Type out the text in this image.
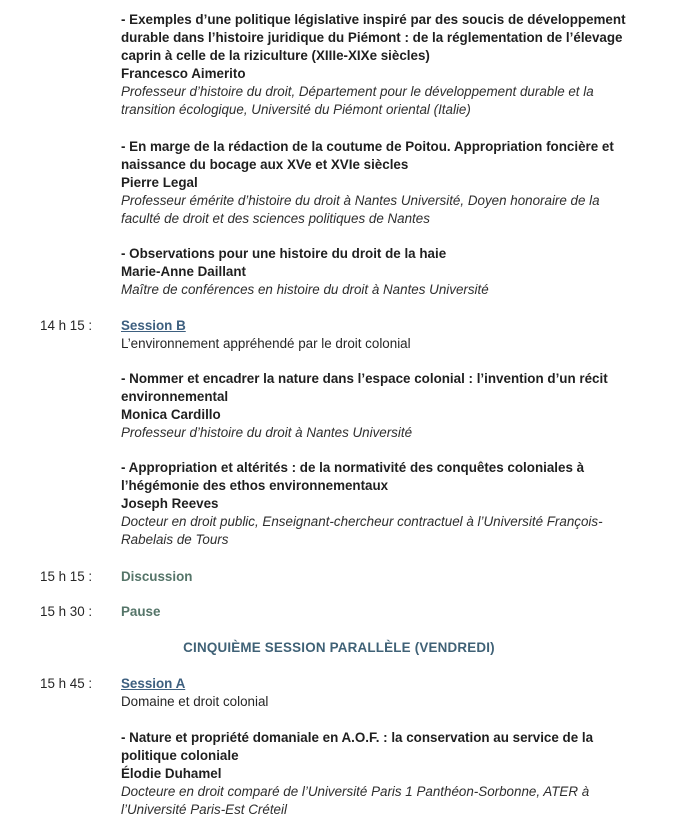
- Exemples d’une politique législative inspiré par des soucis de développement durable dans l’histoire juridique du Piémont : de la réglementation de l’élevage caprin à celle de la riziculture (XIIIe-XIXe siècles)
Francesco Aimerito
Professeur d’histoire du droit, Département pour le développement durable et la transition écologique, Université du Piémont oriental (Italie)
- En marge de la rédaction de la coutume de Poitou. Appropriation foncière et naissance du bocage aux XVe et XVIe siècles
Pierre Legal
Professeur émérite d’histoire du droit à Nantes Université, Doyen honoraire de la faculté de droit et des sciences politiques de Nantes
- Observations pour une histoire du droit de la haie
Marie-Anne Daillant
Maître de conférences en histoire du droit à Nantes Université
14 h 15 : Session B
L’environnement appréhendé par le droit colonial
- Nommer et encadrer la nature dans l’espace colonial : l’invention d’un récit environnemental
Monica Cardillo
Professeur d’histoire du droit à Nantes Université
- Appropriation et altérités : de la normativité des conquêtes coloniales à l’hégémonie des ethos environnementaux
Joseph Reeves
Docteur en droit public, Enseignant-chercheur contractuel à l’Université François-Rabelais de Tours
15 h 15 : Discussion
15 h 30 : Pause
CINQUIÈME SESSION PARALLÈLE (VENDREDI)
15 h 45 : Session A
Domaine et droit colonial
- Nature et propriété domaniale en A.O.F. : la conservation au service de la politique coloniale
Élodie Duhamel
Docteure en droit comparé de l’Université Paris 1 Panthéon-Sorbonne, ATER à l’Université Paris-Est Créteil
